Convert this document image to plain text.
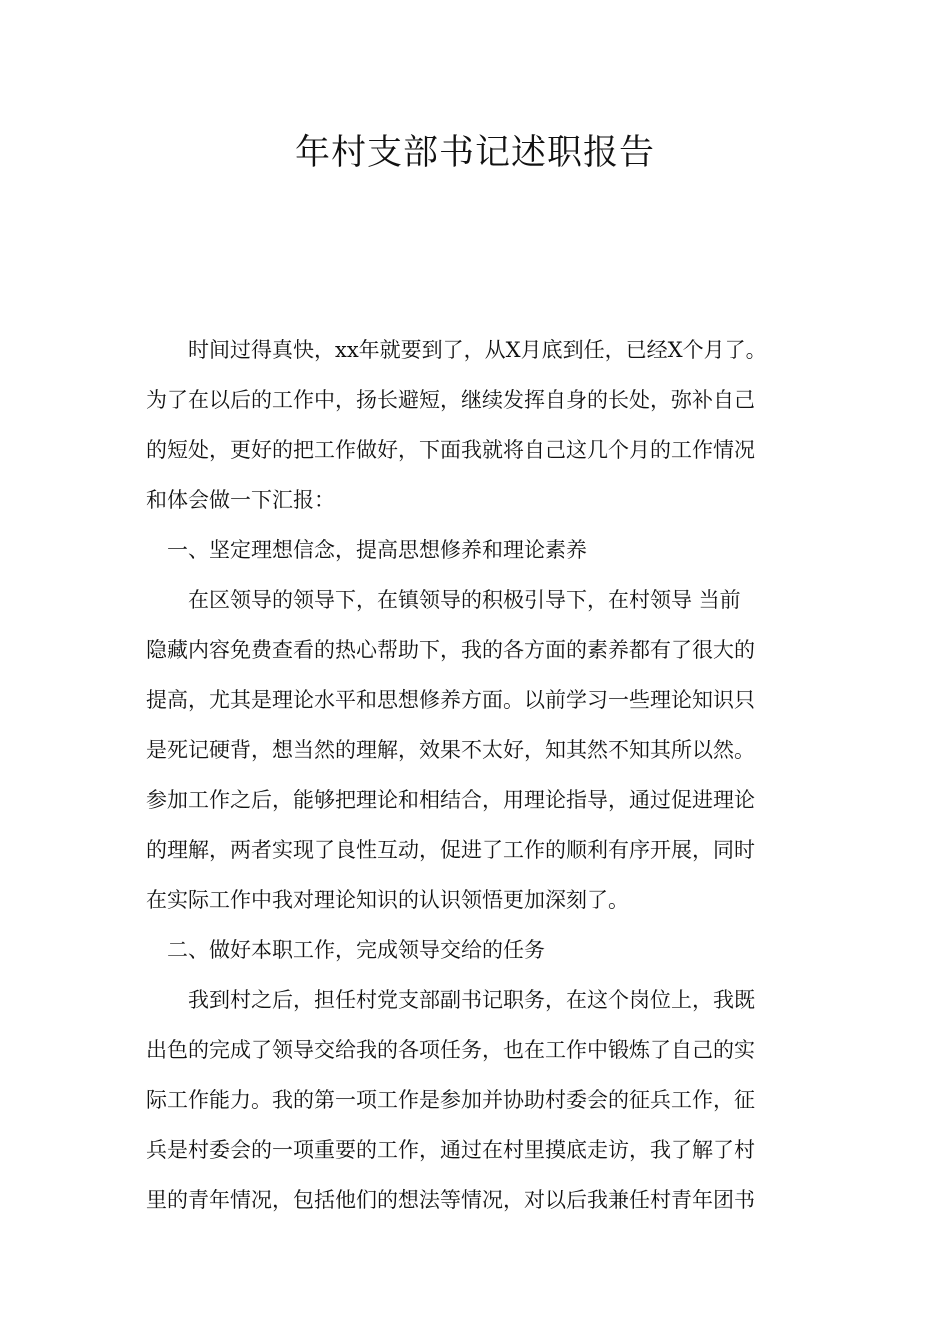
年村支部书记述职报告

　　时间过得真快，xx年就要到了，从X月底到任，已经X个月了。

为了在以后的工作中，扬长避短，继续发挥自身的长处，弥补自己

的短处，更好的把工作做好，下面我就将自己这几个月的工作情况

和体会做一下汇报：

　一、坚定理想信念，提高思想修养和理论素养

　　在区领导的领导下，在镇领导的积极引导下，在村领导 当前

隐藏内容免费查看的热心帮助下，我的各方面的素养都有了很大的

提高，尤其是理论水平和思想修养方面。以前学习一些理论知识只

是死记硬背，想当然的理解，效果不太好，知其然不知其所以然。

参加工作之后，能够把理论和相结合，用理论指导，通过促进理论

的理解，两者实现了良性互动，促进了工作的顺利有序开展，同时

在实际工作中我对理论知识的认识领悟更加深刻了。

　二、做好本职工作，完成领导交给的任务

　　我到村之后，担任村党支部副书记职务，在这个岗位上，我既

出色的完成了领导交给我的各项任务，也在工作中锻炼了自己的实

际工作能力。我的第一项工作是参加并协助村委会的征兵工作，征

兵是村委会的一项重要的工作，通过在村里摸底走访，我了解了村

里的青年情况，包括他们的想法等情况，对以后我兼任村青年团书
